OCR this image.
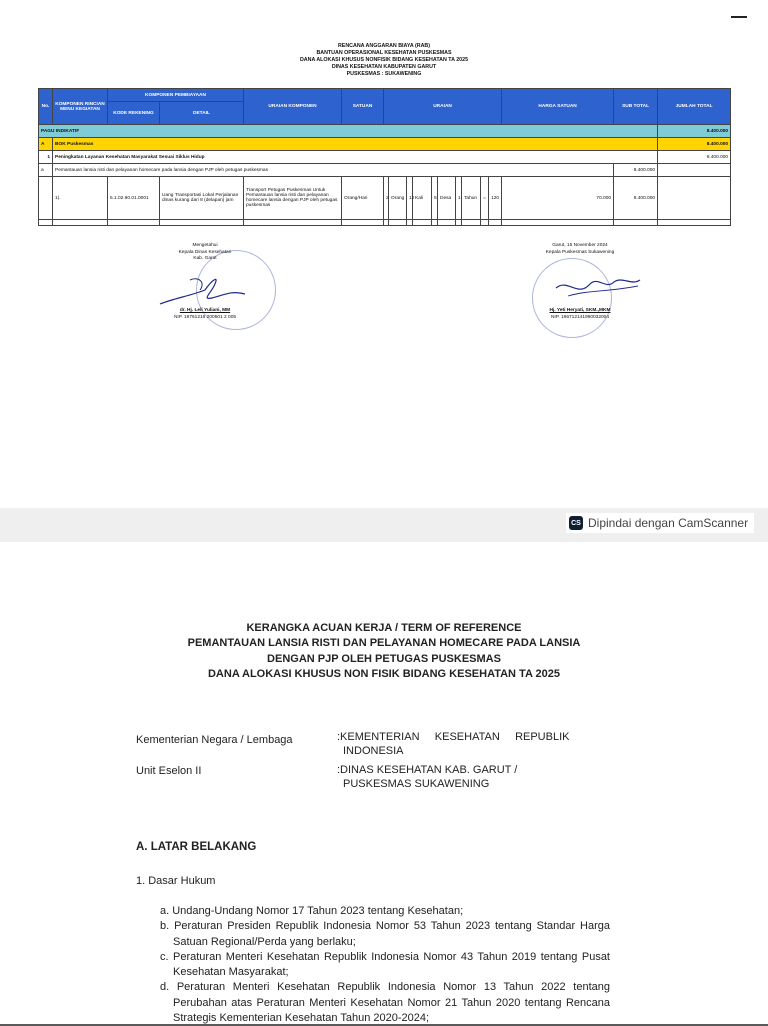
RENCANA ANGGARAN BIAYA (RAB)
BANTUAN OPERASIONAL KESEHATAN PUSKESMAS
DANA ALOKASI KHUSUS NONFISIK BIDANG KESEHATAN TA 2025
DINAS KESEHATAN KABUPATEN GARUT
PUSKESMAS : SUKAWENING
No.	KOMPONEN RINCIAN MENU KEGIATAN	KOMPONEN PEMBIAYAAN		URAIAN KOMPONEN	SATUAN	URAIAN										HARGA SATUAN	SUB TOTAL	JUMLAH TOTAL
		KODE REKENING	DETAIL															
PAGU INDIKATIF																		8.400.000
A	BOK Puskesmas																	8.400.000
1	Peningkatan Layanan Kesehatan Masyarakat Sesuai Siklus Hidup																	8.400.000
a	Pemantauan lansia risti dan pelayanan homecare pada lansia dengan PJP oleh petugas puskesmas																8.400.000	
	1).	5.1.02.90.01.0001	Uang Transportasi Lokal Perjalanan dinas kurang dari 8 (delapan) jam	Transport Petugas Puskesmas Untuk Pemantauan lansia risti dan pelayanan homecare lansia dengan PJP oleh petugas puskesmas	Orang/Hari	2	Orang	12	Kali	5	Desa	1	Tahun	=	120	70.000	8.400.000	

Mengetahui
Kepala Dinas Kesehatan
Kab. Garut
dr. Hj. Leli Yuliani, MM
NIP. 19761216 200501 2 005
Garut, 15 November 2024
Kepala Puskesmas Sukawening
Hj. Yeti Heryati, SKM.,MKM
NIP. 196712141990032004
CS Dipindai dengan CamScanner
KERANGKA ACUAN KERJA / TERM OF REFERENCE
PEMANTAUAN LANSIA RISTI DAN PELAYANAN HOMECARE PADA LANSIA
DENGAN PJP OLEH PETUGAS PUSKESMAS
DANA ALOKASI KHUSUS NON FISIK BIDANG KESEHATAN TA 2025
Kementerian Negara / Lembaga	:KEMENTERIAN     KESEHATAN     REPUBLIK
INDONESIA
Unit Eselon II	:DINAS KESEHATAN KAB. GARUT /
PUSKESMAS SUKAWENING
A. LATAR BELAKANG
1. Dasar Hukum
a. Undang-Undang Nomor 17 Tahun 2023 tentang Kesehatan;
b. Peraturan Presiden Republik Indonesia Nomor 53 Tahun 2023 tentang Standar Harga Satuan Regional/Perda yang berlaku;
c. Peraturan Menteri Kesehatan Republik Indonesia Nomor 43 Tahun 2019 tentang Pusat Kesehatan Masyarakat;
d. Peraturan Menteri Kesehatan Republik Indonesia Nomor 13 Tahun 2022 tentang Perubahan atas Peraturan Menteri Kesehatan Nomor 21 Tahun 2020 tentang Rencana Strategis Kementerian Kesehatan Tahun 2020-2024;
